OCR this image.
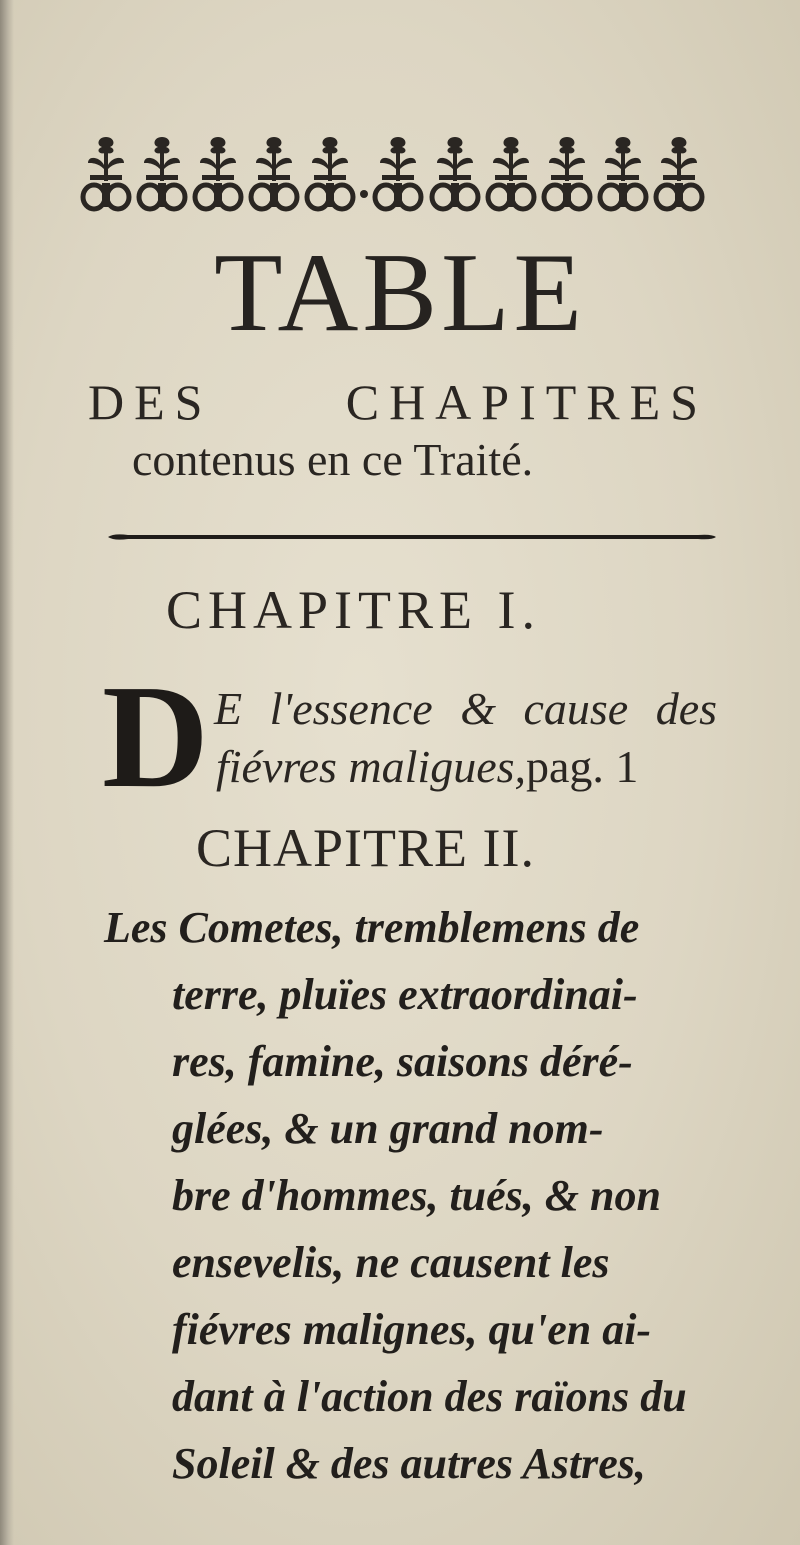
TABLE
DES CHAPITRES
contenus en ce Traité.
CHAPITRE I.
D E l'essence & cause des
fiévres maligues,pag. 1
CHAPITRE II.
Les Cometes, tremblemens de
terre, pluïes extraordinai-
res, famine, saisons déré-
glées, & un grand nom-
bre d'hommes, tués, & non
ensevelis, ne causent les
fiévres malignes, qu'en ai-
dant à l'action des raïons du
Soleil & des autres Astres,
